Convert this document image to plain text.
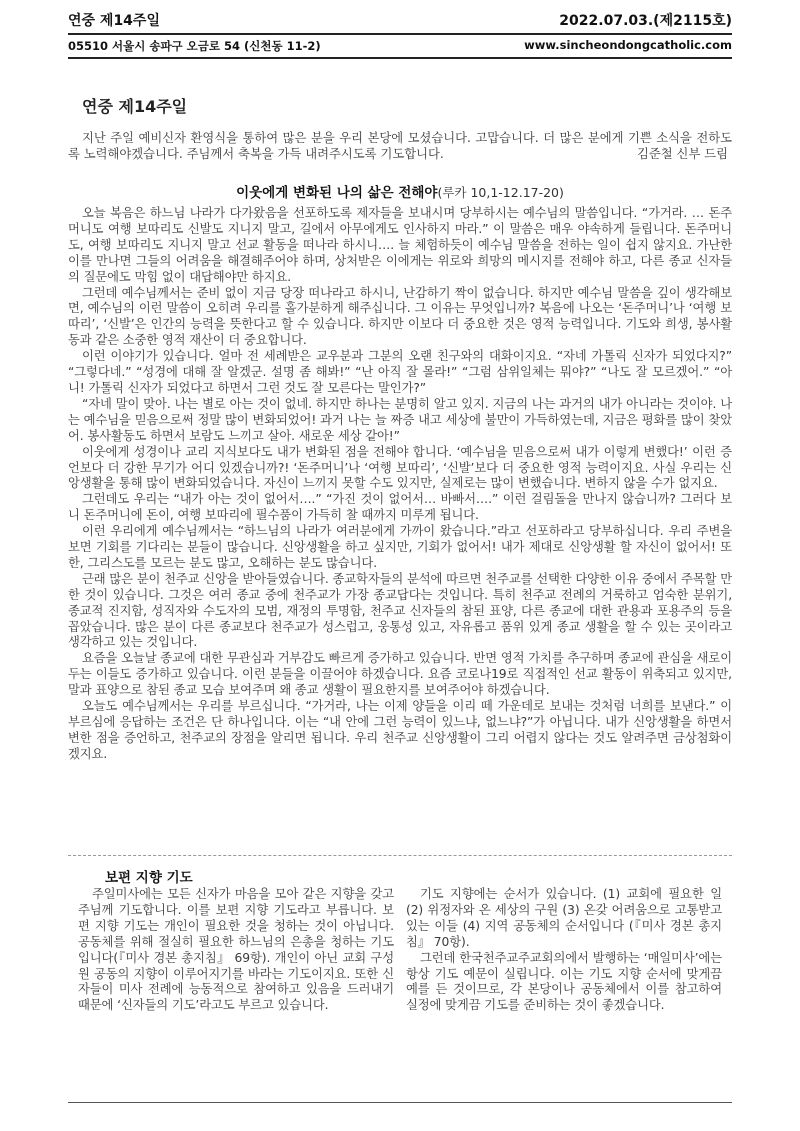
연중 제14주일	2022.07.03.(제2115호)
05510 서울시 송파구 오금로 54 (신천동 11-2)	www.sincheondongcatholic.com
연중 제14주일

지난 주일 예비신자 환영식을 통하여 많은 분을 우리 본당에 모셨습니다. 고맙습니다. 더 많은 분에게 기쁜 소식을 전하도록 노력해야겠습니다. 주님께서 축복을 가득 내려주시도록 기도합니다.	김준철 신부 드림

이웃에게 변화된 나의 삶은 전해야(루카 10,1-12.17-20)

오늘 복음은 하느님 나라가 다가왔음을 선포하도록 제자들을 보내시며 당부하시는 예수님의 말씀입니다. “가거라. … 돈주머니도 여행 보따리도 신발도 지니지 말고, 길에서 아무에게도 인사하지 마라.” 이 말씀은 매우 야속하게 들립니다. 돈주머니도, 여행 보따리도 지니지 말고 선교 활동을 떠나라 하시니…. 늘 체험하듯이 예수님 말씀을 전하는 일이 쉽지 않지요. 가난한 이를 만나면 그들의 어려움을 해결해주어야 하며, 상처받은 이에게는 위로와 희망의 메시지를 전해야 하고, 다른 종교 신자들의 질문에도 막힘 없이 대답해야만 하지요.

그런데 예수님께서는 준비 없이 지금 당장 떠나라고 하시니, 난감하기 짝이 없습니다. 하지만 예수님 말씀을 깊이 생각해보면, 예수님의 이런 말씀이 오히려 우리를 홀가분하게 해주십니다. 그 이유는 무엇입니까? 복음에 나오는 ‘돈주머니’나 ‘여행 보따리’, ‘신발’은 인간의 능력을 뜻한다고 할 수 있습니다. 하지만 이보다 더 중요한 것은 영적 능력입니다. 기도와 희생, 봉사활동과 같은 소중한 영적 재산이 더 중요합니다.

이런 이야기가 있습니다. 얼마 전 세례받은 교우분과 그분의 오랜 친구와의 대화이지요. “자네 가톨릭 신자가 되었다지?” “그렇다네.” “성경에 대해 잘 알겠군. 설명 좀 해봐!” “난 아직 잘 몰라!” “그럼 삼위일체는 뭐야?” “나도 잘 모르겠어.” “아니! 가톨릭 신자가 되었다고 하면서 그런 것도 잘 모른다는 말인가?”

“자네 말이 맞아. 나는 별로 아는 것이 없네. 하지만 하나는 분명히 알고 있지. 지금의 나는 과거의 내가 아니라는 것이야. 나는 예수님을 믿음으로써 정말 많이 변화되었어! 과거 나는 늘 짜증 내고 세상에 불만이 가득하였는데, 지금은 평화를 많이 찾았어. 봉사활동도 하면서 보람도 느끼고 살아. 새로운 세상 같아!”

이웃에게 성경이나 교리 지식보다도 내가 변화된 점을 전해야 합니다. ‘예수님을 믿음으로써 내가 이렇게 변했다!’ 이런 증언보다 더 강한 무기가 어디 있겠습니까?! ‘돈주머니’나 ‘여행 보따리’, ‘신발’보다 더 중요한 영적 능력이지요. 사실 우리는 신앙생활을 통해 많이 변화되었습니다. 자신이 느끼지 못할 수도 있지만, 실제로는 많이 변했습니다. 변하지 않을 수가 없지요.

그런데도 우리는 “내가 아는 것이 없어서….” “가진 것이 없어서… 바빠서….” 이런 걸림돌을 만나지 않습니까? 그러다 보니 돈주머니에 돈이, 여행 보따리에 필수품이 가득히 찰 때까지 미루게 됩니다.

이런 우리에게 예수님께서는 “하느님의 나라가 여러분에게 가까이 왔습니다.”라고 선포하라고 당부하십니다. 우리 주변을 보면 기회를 기다리는 분들이 많습니다. 신앙생활을 하고 싶지만, 기회가 없어서! 내가 제대로 신앙생활 할 자신이 없어서! 또한, 그리스도를 모르는 분도 많고, 오해하는 분도 많습니다.

근래 많은 분이 천주교 신앙을 받아들였습니다. 종교학자들의 분석에 따르면 천주교를 선택한 다양한 이유 중에서 주목할 만한 것이 있습니다. 그것은 여러 종교 중에 천주교가 가장 종교답다는 것입니다. 특히 천주교 전례의 거룩하고 엄숙한 분위기, 종교적 진지함, 성직자와 수도자의 모범, 재정의 투명함, 천주교 신자들의 참된 표양, 다른 종교에 대한 관용과 포용주의 등을 꼽았습니다. 많은 분이 다른 종교보다 천주교가 성스럽고, 웅통성 있고, 자유롭고 품위 있게 종교 생활을 할 수 있는 곳이라고 생각하고 있는 것입니다.

요즘을 오늘날 종교에 대한 무관심과 거부감도 빠르게 증가하고 있습니다. 반면 영적 가치를 추구하며 종교에 관심을 새로이 두는 이들도 증가하고 있습니다. 이런 분들을 이끌어야 하겠습니다. 요즘 코로나19로 직접적인 선교 활동이 위축되고 있지만, 말과 표양으로 참된 종교 모습 보여주며 왜 종교 생활이 필요한지를 보여주어야 하겠습니다.

오늘도 예수님께서는 우리를 부르십니다. “가거라, 나는 이제 양들을 이리 떼 가운데로 보내는 것처럼 너희를 보낸다.” 이 부르심에 응답하는 조건은 단 하나입니다. 이는 “내 안에 그런 능력이 있느냐, 없느냐?”가 아닙니다. 내가 신앙생활을 하면서 변한 점을 증언하고, 천주교의 장점을 알리면 됩니다. 우리 천주교 신앙생활이 그리 어렵지 않다는 것도 알려주면 금상첨화이겠지요.

보편 지향 기도

주일미사에는 모든 신자가 마음을 모아 같은 지향을 갖고 주님께 기도합니다. 이를 보편 지향 기도라고 부릅니다. 보편 지향 기도는 개인이 필요한 것을 청하는 것이 아닙니다. 공동체를 위해 절실히 필요한 하느님의 은총을 청하는 기도입니다(『미사 경본 총지침』 69항). 개인이 아닌 교회 구성원 공동의 지향이 이루어지기를 바라는 기도이지요. 또한 신자들이 미사 전례에 능동적으로 참여하고 있음을 드러내기 때문에 ‘신자들의 기도’라고도 부르고 있습니다.

기도 지향에는 순서가 있습니다. (1) 교회에 필요한 일 (2) 위정자와 온 세상의 구원 (3) 온갖 어려움으로 고통받고 있는 이들 (4) 지역 공동체의 순서입니다 (『미사 경본 총지침』 70항).

그런데 한국천주교주교회의에서 발행하는 ‘매일미사’에는 항상 기도 예문이 실립니다. 이는 기도 지향 순서에 맞게끔 예를 든 것이므로, 각 본당이나 공동체에서 이를 참고하여 실정에 맞게끔 기도를 준비하는 것이 좋겠습니다.
